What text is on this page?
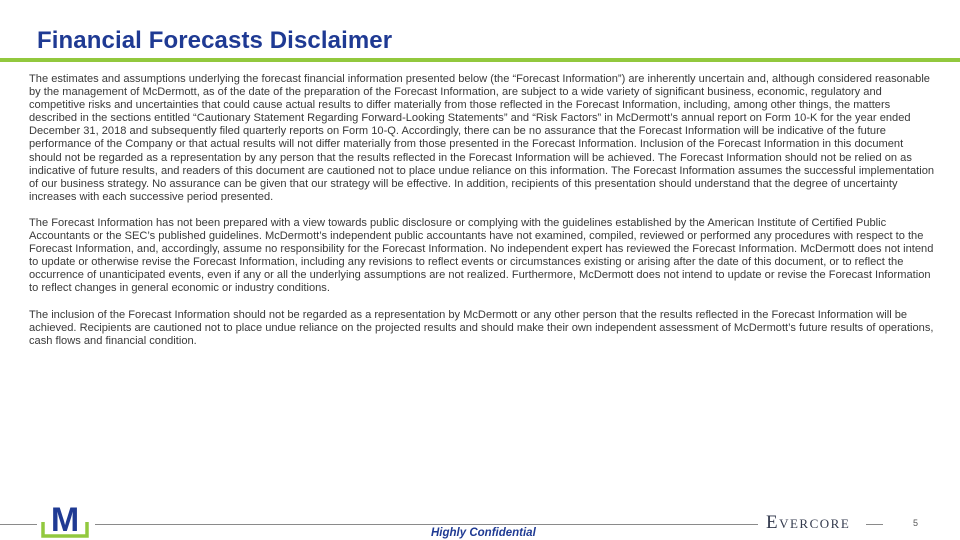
Financial Forecasts Disclaimer

The estimates and assumptions underlying the forecast financial information presented below (the “Forecast Information”) are inherently uncertain and, although considered reasonable by the management of McDermott, as of the date of the preparation of the Forecast Information, are subject to a wide variety of significant business, economic, regulatory and competitive risks and uncertainties that could cause actual results to differ materially from those reflected in the Forecast Information, including, among other things, the matters described in the sections entitled “Cautionary Statement Regarding Forward-Looking Statements” and “Risk Factors” in McDermott’s annual report on Form 10-K for the year ended December 31, 2018 and subsequently filed quarterly reports on Form 10-Q. Accordingly, there can be no assurance that the Forecast Information will be indicative of the future performance of the Company or that actual results will not differ materially from those presented in the Forecast Information. Inclusion of the Forecast Information in this document should not be regarded as a representation by any person that the results reflected in the Forecast Information will be achieved. The Forecast Information should not be relied on as indicative of future results, and readers of this document are cautioned not to place undue reliance on this information. The Forecast Information assumes the successful implementation of our business strategy. No assurance can be given that our strategy will be effective. In addition, recipients of this presentation should understand that the degree of uncertainty increases with each successive period presented.

The Forecast Information has not been prepared with a view towards public disclosure or complying with the guidelines established by the American Institute of Certified Public Accountants or the SEC’s published guidelines. McDermott’s independent public accountants have not examined, compiled, reviewed or performed any procedures with respect to the Forecast Information, and, accordingly, assume no responsibility for the Forecast Information. No independent expert has reviewed the Forecast Information. McDermott does not intend to update or otherwise revise the Forecast Information, including any revisions to reflect events or circumstances existing or arising after the date of this document, or to reflect the occurrence of unanticipated events, even if any or all the underlying assumptions are not realized. Furthermore, McDermott does not intend to update or revise the Forecast Information to reflect changes in general economic or industry conditions.

The inclusion of the Forecast Information should not be regarded as a representation by McDermott or any other person that the results reflected in the Forecast Information will be achieved. Recipients are cautioned not to place undue reliance on the projected results and should make their own independent assessment of McDermott’s future results of operations, cash flows and financial condition.

M	Highly Confidential	Evercore	5
